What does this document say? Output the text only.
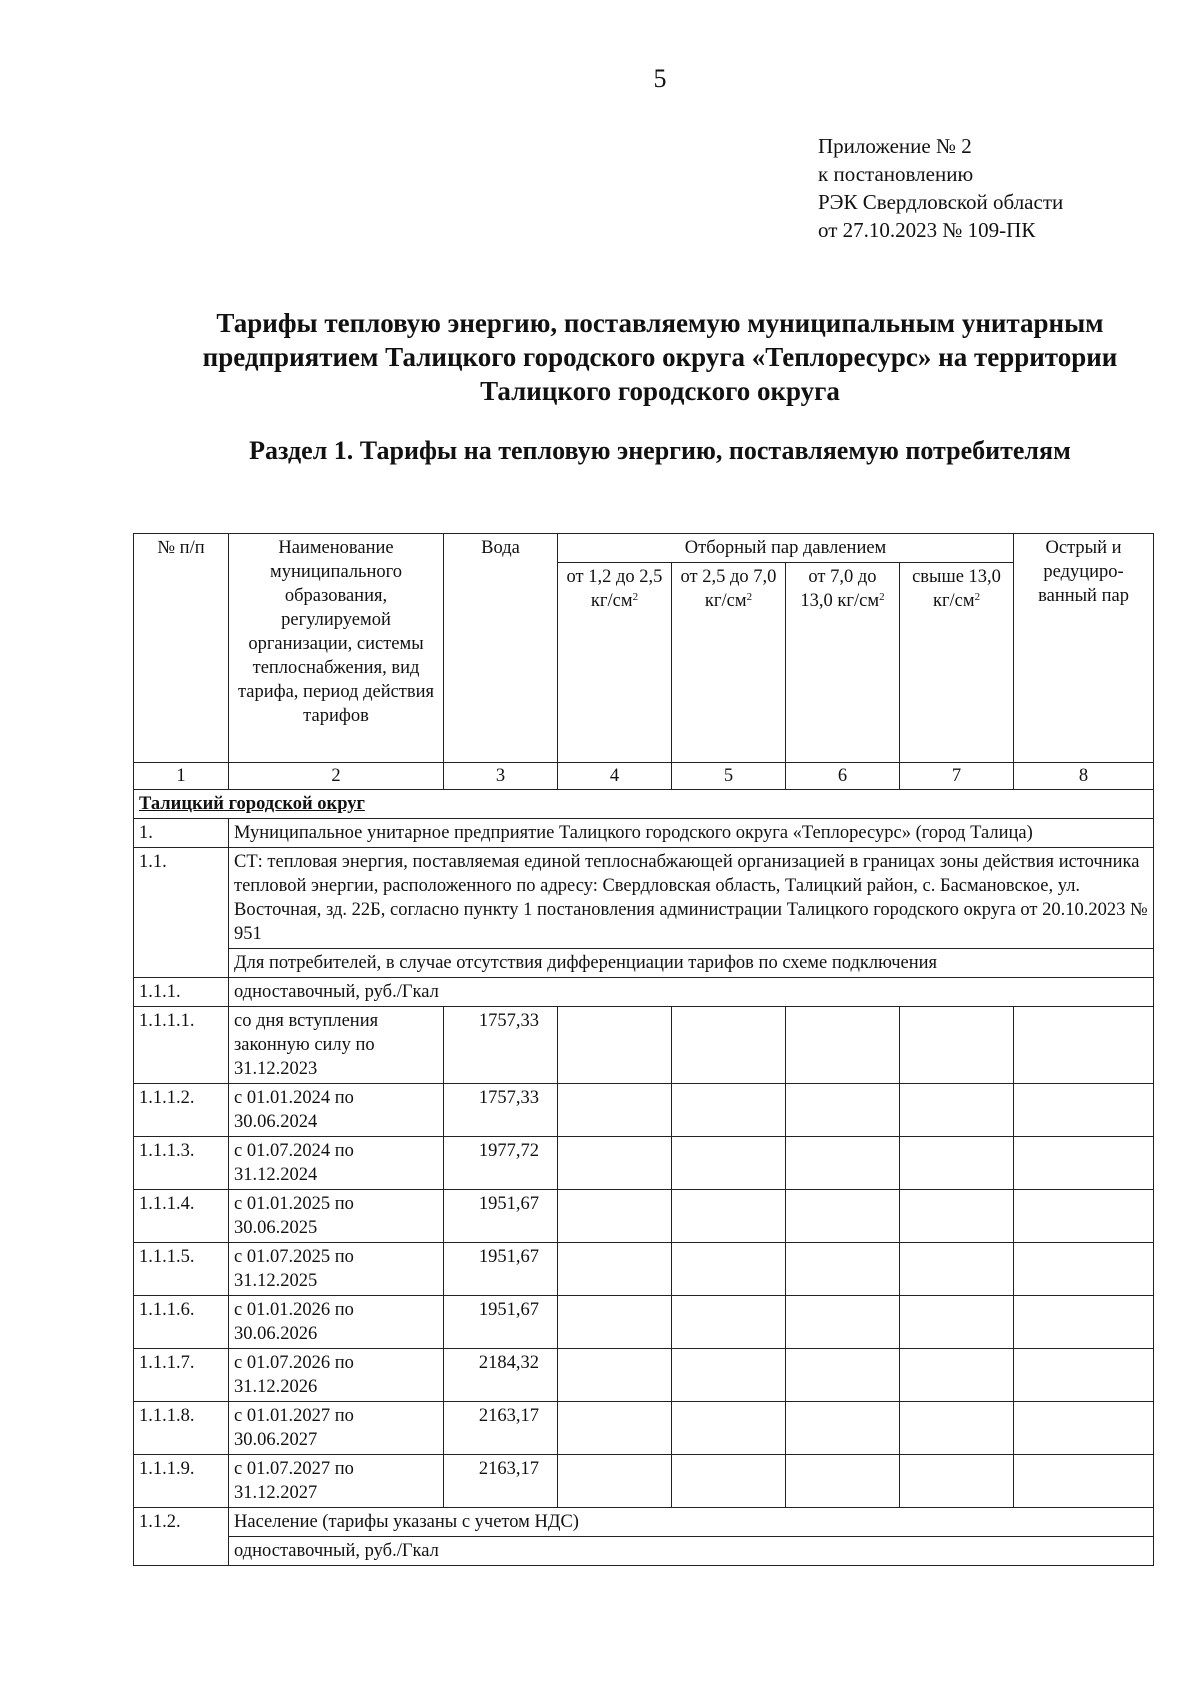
5
Приложение № 2
к постановлению
РЭК Свердловской области
от 27.10.2023 № 109-ПК
Тарифы тепловую энергию, поставляемую муниципальным унитарным предприятием Талицкого городского округа «Теплоресурс» на территории Талицкого городского округа
Раздел 1. Тарифы на тепловую энергию, поставляемую потребителям
№ п/п	Наименование муниципального образования, регулируемой организации, системы теплоснабжения, вид тарифа, период действия тарифов	Вода	Отборный пар давлением				Острый и редуциро-ванный пар
			от 1,2 до 2,5 $кг/см^2$	от 2,5 до 7,0 $кг/см^2$	от 7,0 до 13,0 $кг/см^2$	свыше 13,0 $кг/см^2$
1	2	3	4	5	6	7	8
Талицкий городской округ							
1.	Муниципальное унитарное предприятие Талицкого городского округа «Теплоресурс» (город Талица)						
1.1.	СТ: тепловая энергия, поставляемая единой теплоснабжающей организацией в границах зоны действия источника тепловой энергии, расположенного по адресу: Свердловская область, Талицкий район, с. Басмановское, ул. Восточная, зд. 22Б, согласно пункту 1 постановления администрации Талицкого городского округа от 20.10.2023 № 951						
	Для потребителей, в случае отсутствия дифференциации тарифов по схеме подключения						
1.1.1.	одноставочный, руб./Гкал						
1.1.1.1.	со дня вступления законную силу по 31.12.2023	1757,33					
1.1.1.2.	с 01.01.2024 по 30.06.2024	1757,33					
1.1.1.3.	с 01.07.2024 по 31.12.2024	1977,72					
1.1.1.4.	с 01.01.2025 по 30.06.2025	1951,67					
1.1.1.5.	с 01.07.2025 по 31.12.2025	1951,67					
1.1.1.6.	с 01.01.2026 по 30.06.2026	1951,67					
1.1.1.7.	с 01.07.2026 по 31.12.2026	2184,32					
1.1.1.8.	с 01.01.2027 по 30.06.2027	2163,17					
1.1.1.9.	с 01.07.2027 по 31.12.2027	2163,17					
1.1.2.	Население (тарифы указаны с учетом НДС)						
	одноставочный, руб./Гкал						
